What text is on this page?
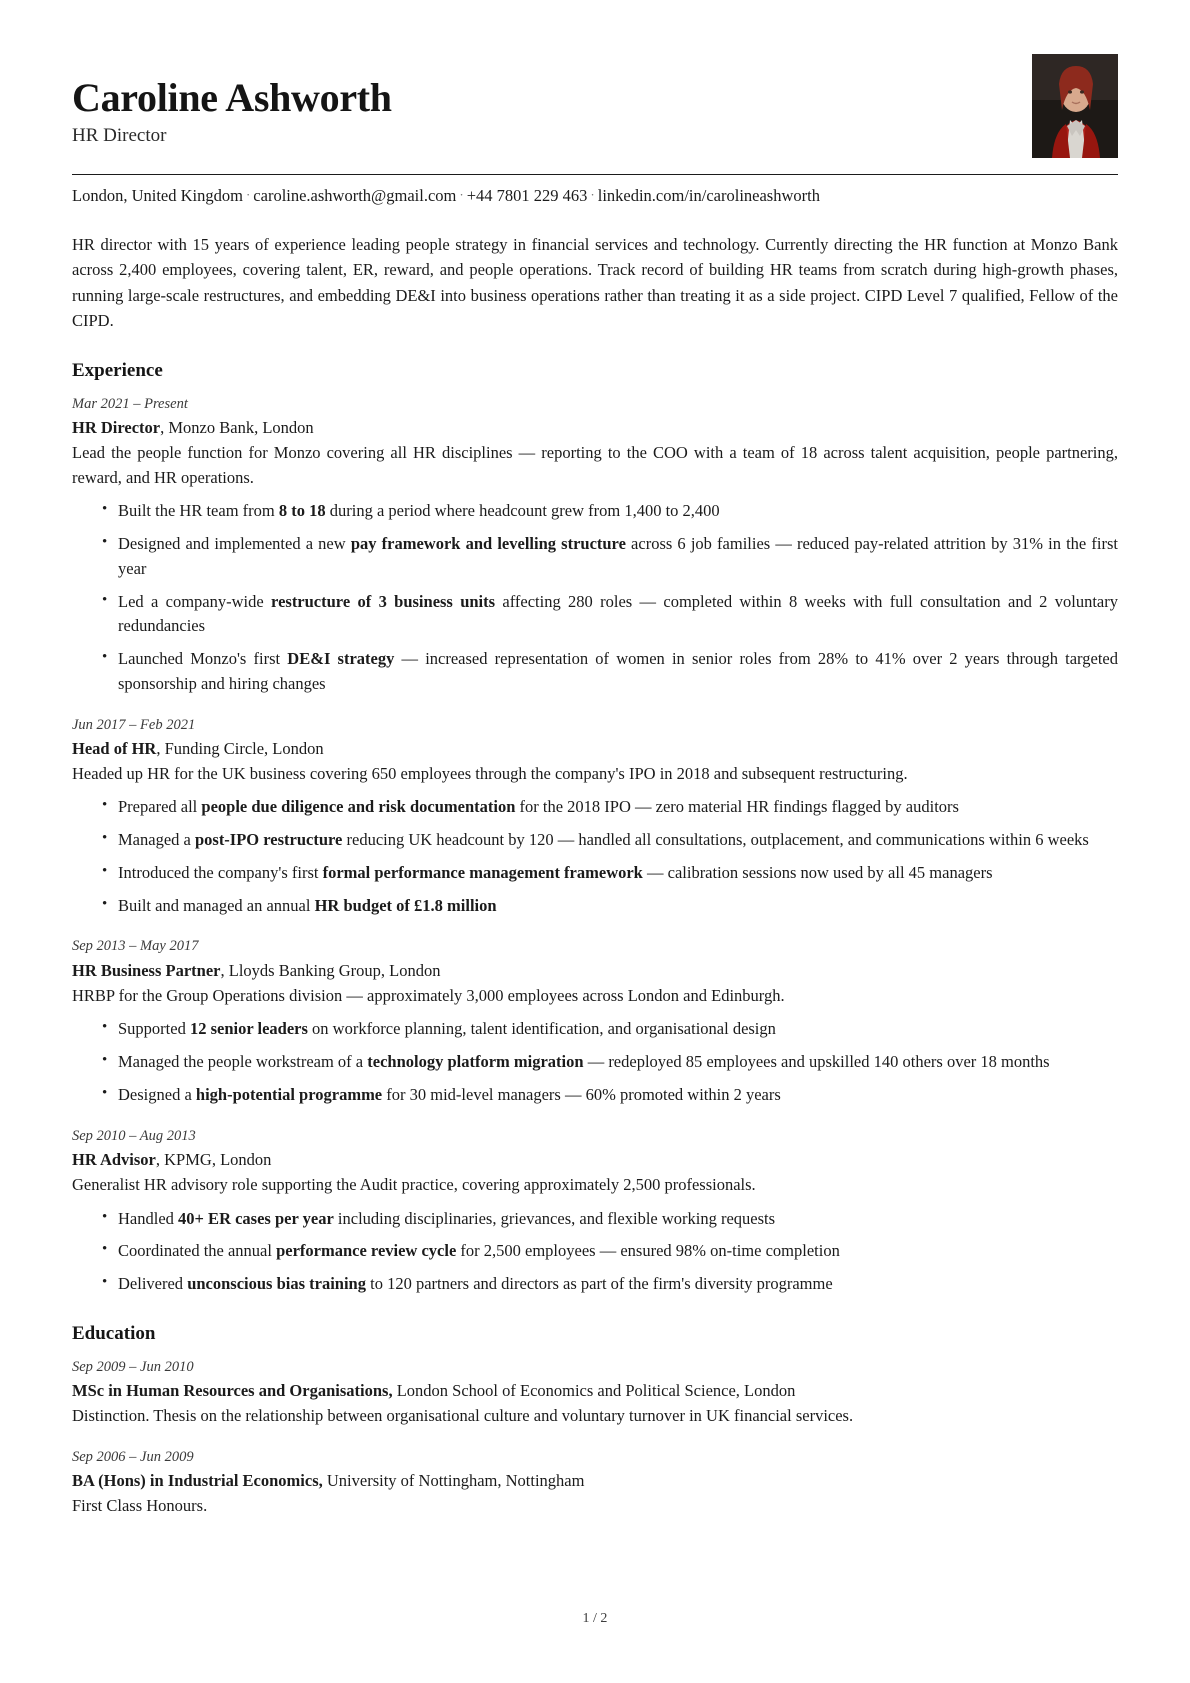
Caroline Ashworth
HR Director
London, United Kingdom · caroline.ashworth@gmail.com · +44 7801 229 463 · linkedin.com/in/carolineashworth

HR director with 15 years of experience leading people strategy in financial services and technology. Currently directing the HR function at Monzo Bank across 2,400 employees, covering talent, ER, reward, and people operations. Track record of building HR teams from scratch during high-growth phases, running large-scale restructures, and embedding DE&I into business operations rather than treating it as a side project. CIPD Level 7 qualified, Fellow of the CIPD.

Experience
Mar 2021 – Present
HR Director, Monzo Bank, London
Lead the people function for Monzo covering all HR disciplines — reporting to the COO with a team of 18 across talent acquisition, people partnering, reward, and HR operations.
• Built the HR team from 8 to 18 during a period where headcount grew from 1,400 to 2,400
• Designed and implemented a new pay framework and levelling structure across 6 job families — reduced pay-related attrition by 31% in the first year
• Led a company-wide restructure of 3 business units affecting 280 roles — completed within 8 weeks with full consultation and 2 voluntary redundancies
• Launched Monzo's first DE&I strategy — increased representation of women in senior roles from 28% to 41% over 2 years through targeted sponsorship and hiring changes
Jun 2017 – Feb 2021
Head of HR, Funding Circle, London
Headed up HR for the UK business covering 650 employees through the company's IPO in 2018 and subsequent restructuring.
• Prepared all people due diligence and risk documentation for the 2018 IPO — zero material HR findings flagged by auditors
• Managed a post-IPO restructure reducing UK headcount by 120 — handled all consultations, outplacement, and communications within 6 weeks
• Introduced the company's first formal performance management framework — calibration sessions now used by all 45 managers
• Built and managed an annual HR budget of £1.8 million
Sep 2013 – May 2017
HR Business Partner, Lloyds Banking Group, London
HRBP for the Group Operations division — approximately 3,000 employees across London and Edinburgh.
• Supported 12 senior leaders on workforce planning, talent identification, and organisational design
• Managed the people workstream of a technology platform migration — redeployed 85 employees and upskilled 140 others over 18 months
• Designed a high-potential programme for 30 mid-level managers — 60% promoted within 2 years
Sep 2010 – Aug 2013
HR Advisor, KPMG, London
Generalist HR advisory role supporting the Audit practice, covering approximately 2,500 professionals.
• Handled 40+ ER cases per year including disciplinaries, grievances, and flexible working requests
• Coordinated the annual performance review cycle for 2,500 employees — ensured 98% on-time completion
• Delivered unconscious bias training to 120 partners and directors as part of the firm's diversity programme
Education
Sep 2009 – Jun 2010
MSc in Human Resources and Organisations, London School of Economics and Political Science, London
Distinction. Thesis on the relationship between organisational culture and voluntary turnover in UK financial services.
Sep 2006 – Jun 2009
BA (Hons) in Industrial Economics, University of Nottingham, Nottingham
First Class Honours.
1 / 2
